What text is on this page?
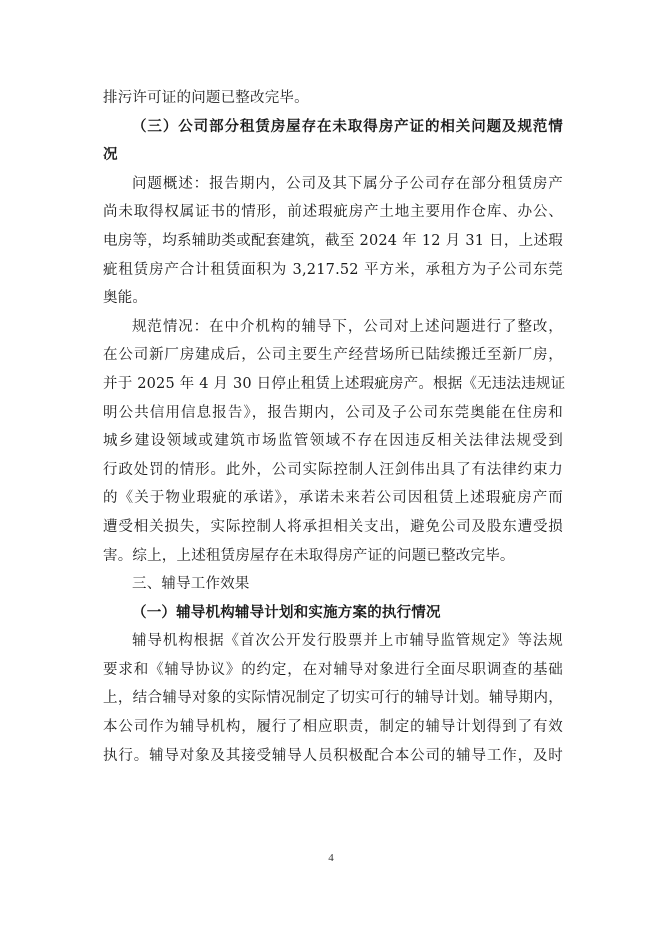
排污许可证的问题已整改完毕。
（三）公司部分租赁房屋存在未取得房产证的相关问题及规范情
况
问题概述：报告期内，公司及其下属分子公司存在部分租赁房产
尚未取得权属证书的情形，前述瑕疵房产土地主要用作仓库、办公、
电房等，均系辅助类或配套建筑，截至 2024 年 12 月 31 日，上述瑕
疵租赁房产合计租赁面积为 3,217.52 平方米，承租方为子公司东莞
奥能。
规范情况：在中介机构的辅导下，公司对上述问题进行了整改，
在公司新厂房建成后，公司主要生产经营场所已陆续搬迁至新厂房，
并于 2025 年 4 月 30 日停止租赁上述瑕疵房产。根据《无违法违规证
明公共信用信息报告》，报告期内，公司及子公司东莞奥能在住房和
城乡建设领域或建筑市场监管领域不存在因违反相关法律法规受到
行政处罚的情形。此外，公司实际控制人汪剑伟出具了有法律约束力
的《关于物业瑕疵的承诺》，承诺未来若公司因租赁上述瑕疵房产而
遭受相关损失，实际控制人将承担相关支出，避免公司及股东遭受损
害。综上，上述租赁房屋存在未取得房产证的问题已整改完毕。
三、辅导工作效果
（一）辅导机构辅导计划和实施方案的执行情况
辅导机构根据《首次公开发行股票并上市辅导监管规定》等法规
要求和《辅导协议》的约定，在对辅导对象进行全面尽职调查的基础
上，结合辅导对象的实际情况制定了切实可行的辅导计划。辅导期内，
本公司作为辅导机构，履行了相应职责，制定的辅导计划得到了有效
执行。辅导对象及其接受辅导人员积极配合本公司的辅导工作，及时
4
